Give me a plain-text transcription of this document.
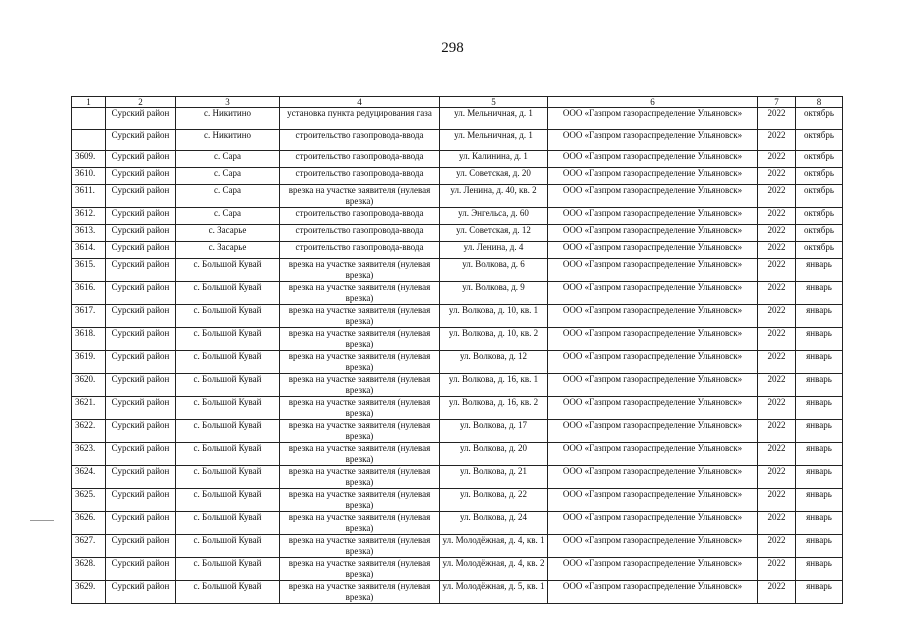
298
1	2	3	4	5	6	7	8
	Сурский район	с. Никитино	установка пункта редуцирования газа	ул. Мельничная, д. 1	ООО «Газпром газораспределение Ульяновск»	2022	октябрь
	Сурский район	с. Никитино	строительство газопровода-ввода	ул. Мельничная, д. 1	ООО «Газпром газораспределение Ульяновск»	2022	октябрь
3609.	Сурский район	с. Сара	строительство газопровода-ввода	ул. Калинина, д. 1	ООО «Газпром газораспределение Ульяновск»	2022	октябрь
3610.	Сурский район	с. Сара	строительство газопровода-ввода	ул. Советская, д. 20	ООО «Газпром газораспределение Ульяновск»	2022	октябрь
3611.	Сурский район	с. Сара	врезка на участке заявителя (нулевая врезка)	ул. Ленина, д. 40, кв. 2	ООО «Газпром газораспределение Ульяновск»	2022	октябрь
3612.	Сурский район	с. Сара	строительство газопровода-ввода	ул. Энгельса, д. 60	ООО «Газпром газораспределение Ульяновск»	2022	октябрь
3613.	Сурский район	с. Засарье	строительство газопровода-ввода	ул. Советская, д. 12	ООО «Газпром газораспределение Ульяновск»	2022	октябрь
3614.	Сурский район	с. Засарье	строительство газопровода-ввода	ул. Ленина, д. 4	ООО «Газпром газораспределение Ульяновск»	2022	октябрь
3615.	Сурский район	с. Большой Кувай	врезка на участке заявителя (нулевая врезка)	ул. Волкова, д. 6	ООО «Газпром газораспределение Ульяновск»	2022	январь
3616.	Сурский район	с. Большой Кувай	врезка на участке заявителя (нулевая врезка)	ул. Волкова, д. 9	ООО «Газпром газораспределение Ульяновск»	2022	январь
3617.	Сурский район	с. Большой Кувай	врезка на участке заявителя (нулевая врезка)	ул. Волкова, д. 10, кв. 1	ООО «Газпром газораспределение Ульяновск»	2022	январь
3618.	Сурский район	с. Большой Кувай	врезка на участке заявителя (нулевая врезка)	ул. Волкова, д. 10, кв. 2	ООО «Газпром газораспределение Ульяновск»	2022	январь
3619.	Сурский район	с. Большой Кувай	врезка на участке заявителя (нулевая врезка)	ул. Волкова, д. 12	ООО «Газпром газораспределение Ульяновск»	2022	январь
3620.	Сурский район	с. Большой Кувай	врезка на участке заявителя (нулевая врезка)	ул. Волкова, д. 16, кв. 1	ООО «Газпром газораспределение Ульяновск»	2022	январь
3621.	Сурский район	с. Большой Кувай	врезка на участке заявителя (нулевая врезка)	ул. Волкова, д. 16, кв. 2	ООО «Газпром газораспределение Ульяновск»	2022	январь
3622.	Сурский район	с. Большой Кувай	врезка на участке заявителя (нулевая врезка)	ул. Волкова, д. 17	ООО «Газпром газораспределение Ульяновск»	2022	январь
3623.	Сурский район	с. Большой Кувай	врезка на участке заявителя (нулевая врезка)	ул. Волкова, д. 20	ООО «Газпром газораспределение Ульяновск»	2022	январь
3624.	Сурский район	с. Большой Кувай	врезка на участке заявителя (нулевая врезка)	ул. Волкова, д. 21	ООО «Газпром газораспределение Ульяновск»	2022	январь
3625.	Сурский район	с. Большой Кувай	врезка на участке заявителя (нулевая врезка)	ул. Волкова, д. 22	ООО «Газпром газораспределение Ульяновск»	2022	январь
3626.	Сурский район	с. Большой Кувай	врезка на участке заявителя (нулевая врезка)	ул. Волкова, д. 24	ООО «Газпром газораспределение Ульяновск»	2022	январь
3627.	Сурский район	с. Большой Кувай	врезка на участке заявителя (нулевая врезка)	ул. Молодёжная, д. 4, кв. 1	ООО «Газпром газораспределение Ульяновск»	2022	январь
3628.	Сурский район	с. Большой Кувай	врезка на участке заявителя (нулевая врезка)	ул. Молодёжная, д. 4, кв. 2	ООО «Газпром газораспределение Ульяновск»	2022	январь
3629.	Сурский район	с. Большой Кувай	врезка на участке заявителя (нулевая врезка)	ул. Молодёжная, д. 5, кв. 1	ООО «Газпром газораспределение Ульяновск»	2022	январь
